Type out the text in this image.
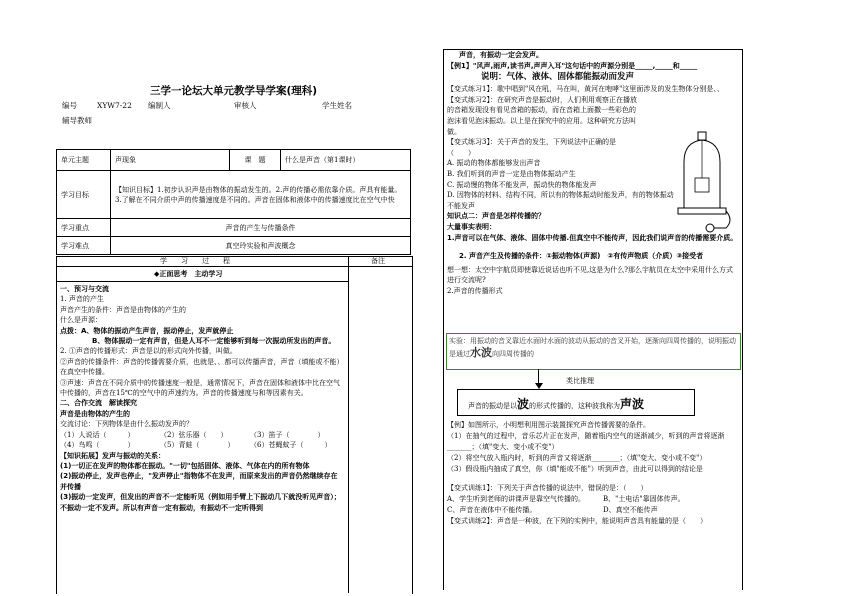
三学一论坛大单元教学导学案(理科)
编号	XYW7-22 编制人	审核人	学生姓名
辅导教师
单元主题	声现象	课　题	什么是声音（第1课时）
学习目标	【知识目标】1.初步认识声是由物体的振动发生的。2.声的传播必需依靠介质。声具有能量。3.了解在不同介质中声的传播速度是不同的。声音在固体和液体中的传播速度比在空气中快		
学习重点	声音的产生与传播条件		
学习难点	真空玲实验和声波概念		
学　　习　　过　　程	备注
◆正面思考　主动学习
一、预习与交流
1. 声音的产生
声音产生的条件：声音是由物体的产生的
什么是声源：
点拨：A、物体的振动产生声音，振动停止，发声就停止
B、物体振动一定有声音，但是人耳不一定能够听到每一次振动所发出的声音。
2. ①声音的传播形式：声音是以的形式向外传播，叫做。
②声音的传播条件：声音的传播需要介质，也就是、、都可以传播声音，声音（填能或不能）在真空中传播。
③声速：声音在不同介质中的传播速度一般是，通常情况下，声音在固体和液体中比在空气中传播的，声音在15℃的空气中的声速约为。声音的传播速度与和等因素有关。
二、合作交流　解读探究
声音是由物体的产生的
交流讨论：下列物体是由什么振动发声的？
（1）人说话（　　　）	（2）弦乐器（　　）	（3）笛子（　　　　）
（4）鸟鸣（　　　　）	（5）青蛙（　　　　）	（6）苍蝇蚊子（　　　）
【知识拓展】发声与振动的关系：
(1)一切正在发声的物体都在振动。"一切"包括固体、液体、气体在内的所有物体
(2)振动停止，发声也停止，"发声停止"指物体不在发声，而原来发出的声音仍然继续存在并传播
(3)振动一定发声，但发出的声音不一定能听见（例如用手臂上下振动几下就没听见声音）；不振动一定不发声。所以有声音一定有振动，有振动不一定听得到
声音，有振动一定会发声。
【例1】"风声,雨声,读书声,声声入耳"这句话中的声源分别是_____,_____和_____
说明：气体、液体、固体都能振动而发声
【变式练习1】：歌中唱到"风在吼，马在叫，黄河在咆哮"这里面涉及的发生物体分别是、、
【变式练习2】：在研究声音是振动时，人们利用观察正在播放的音箱发现没有看见音箱的振动，而在音箱上面撒一些彩色的泡沫看见泡沫振动。以上是在探究中的应用。这种研究方法叫做。
【变式练习3】：关于声音的发生，下列说法中正确的是（　　）
A. 振动的物体都能够发出声音
B. 我们听到的声音一定是由物体振动产生
C. 振动慢的物体不能发声，振动快的物体能发声
D. 因物体的材料、结构不同，所以有的物体振动时能发声，有的物体振动不能发声
知识点二：声音是怎样传播的？
大量事实表明：
1.声音可以在气体、液体、固体中传播.但真空中不能传声，因此我们说声音的传播需要介质。
2. 声音产生及传播的条件：①振动物体(声源)　②有传声物质（介质）③接受者
想一想：太空中宇航员即使靠近说话也听不见,这是为什么?那么宇航员在太空中采用什么方式进行交流呢?
2.声音的传播形式
实验：用振动的音叉靠近水面时水面的波动从振动的音叉开始，逐渐向四周传播的，说明振动是通过水波向四周传播的
类比推理
声音的振动是以波的形式传播的，这种波我称为声波
【例】如图所示，小明想利用图示装置探究声音传播需要的条件。
（1）在抽气的过程中，音乐芯片正在发声，随着瓶内空气的逐渐减少，听到的声音将逐渐_______；（填"变大、变小或不变"）
（2）将空气放入瓶内时，听到的声音又将逐渐________；（填"变大、变小或不变"）
（3）假设瓶内抽成了真空，你（填"能或不能"）听到声音，由此可以得到的结论是
【变式训练1】：下列关于声音传播的说法中，错误的是：（　　）
A、学生听到老师的讲课声是靠空气传播的。	B、"土电话"靠固体传声。
C、声音在液体中不能传播。	D、真空不能传声
【变式训练2】：声音是一种波，在下列的实例中，能说明声音具有能量的是（　　）
